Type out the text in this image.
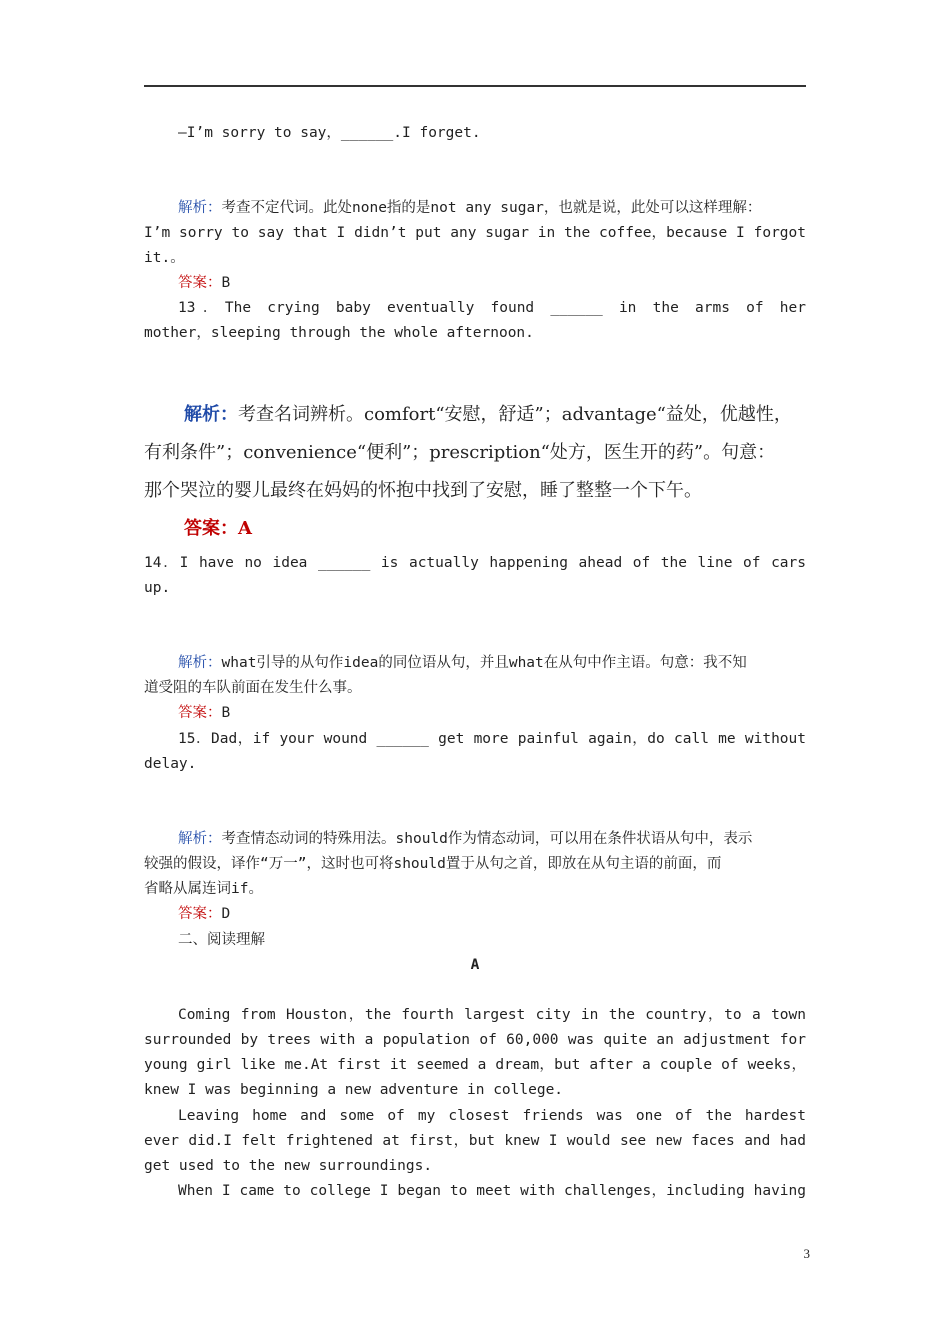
—I’m sorry to say，______.I forget.

解析：考查不定代词。此处none指的是not any sugar，也就是说，此处可以这样理解：
I’m sorry to say that I didn’t put any sugar in the coffee，because I forgot
it.。
答案：B
13．The crying baby eventually found ______ in the arms of her
mother，sleeping through the whole afternoon.

解析：考查名词辨析。comfort“安慰，舒适”；advantage“益处，优越性，
有利条件”；convenience“便利”；prescription“处方，医生开的药”。句意：
那个哭泣的婴儿最终在妈妈的怀抱中找到了安慰，睡了整整一个下午。
答案：A
14．I have no idea ______ is actually happening ahead of the line of cars
up.

解析：what引导的从句作idea的同位语从句，并且what在从句中作主语。句意：我不知
道受阻的车队前面在发生什么事。
答案：B
15．Dad，if your wound ______ get more painful again，do call me without
delay.

解析：考查情态动词的特殊用法。should作为情态动词，可以用在条件状语从句中，表示
较强的假设，译作“万一”，这时也可将should置于从句之首，即放在从句主语的前面，而
省略从属连词if。
答案：D
二、阅读理解
A
Coming from Houston，the fourth largest city in the country，to a town
surrounded by trees with a population of 60,000 was quite an adjustment for
young girl like me.At first it seemed a dream，but after a couple of weeks，
knew I was beginning a new adventure in college.
Leaving home and some of my closest friends was one of the hardest
ever did.I felt frightened at first，but knew I would see new faces and had
get used to the new surroundings.
When I came to college I began to meet with challenges，including having
3
